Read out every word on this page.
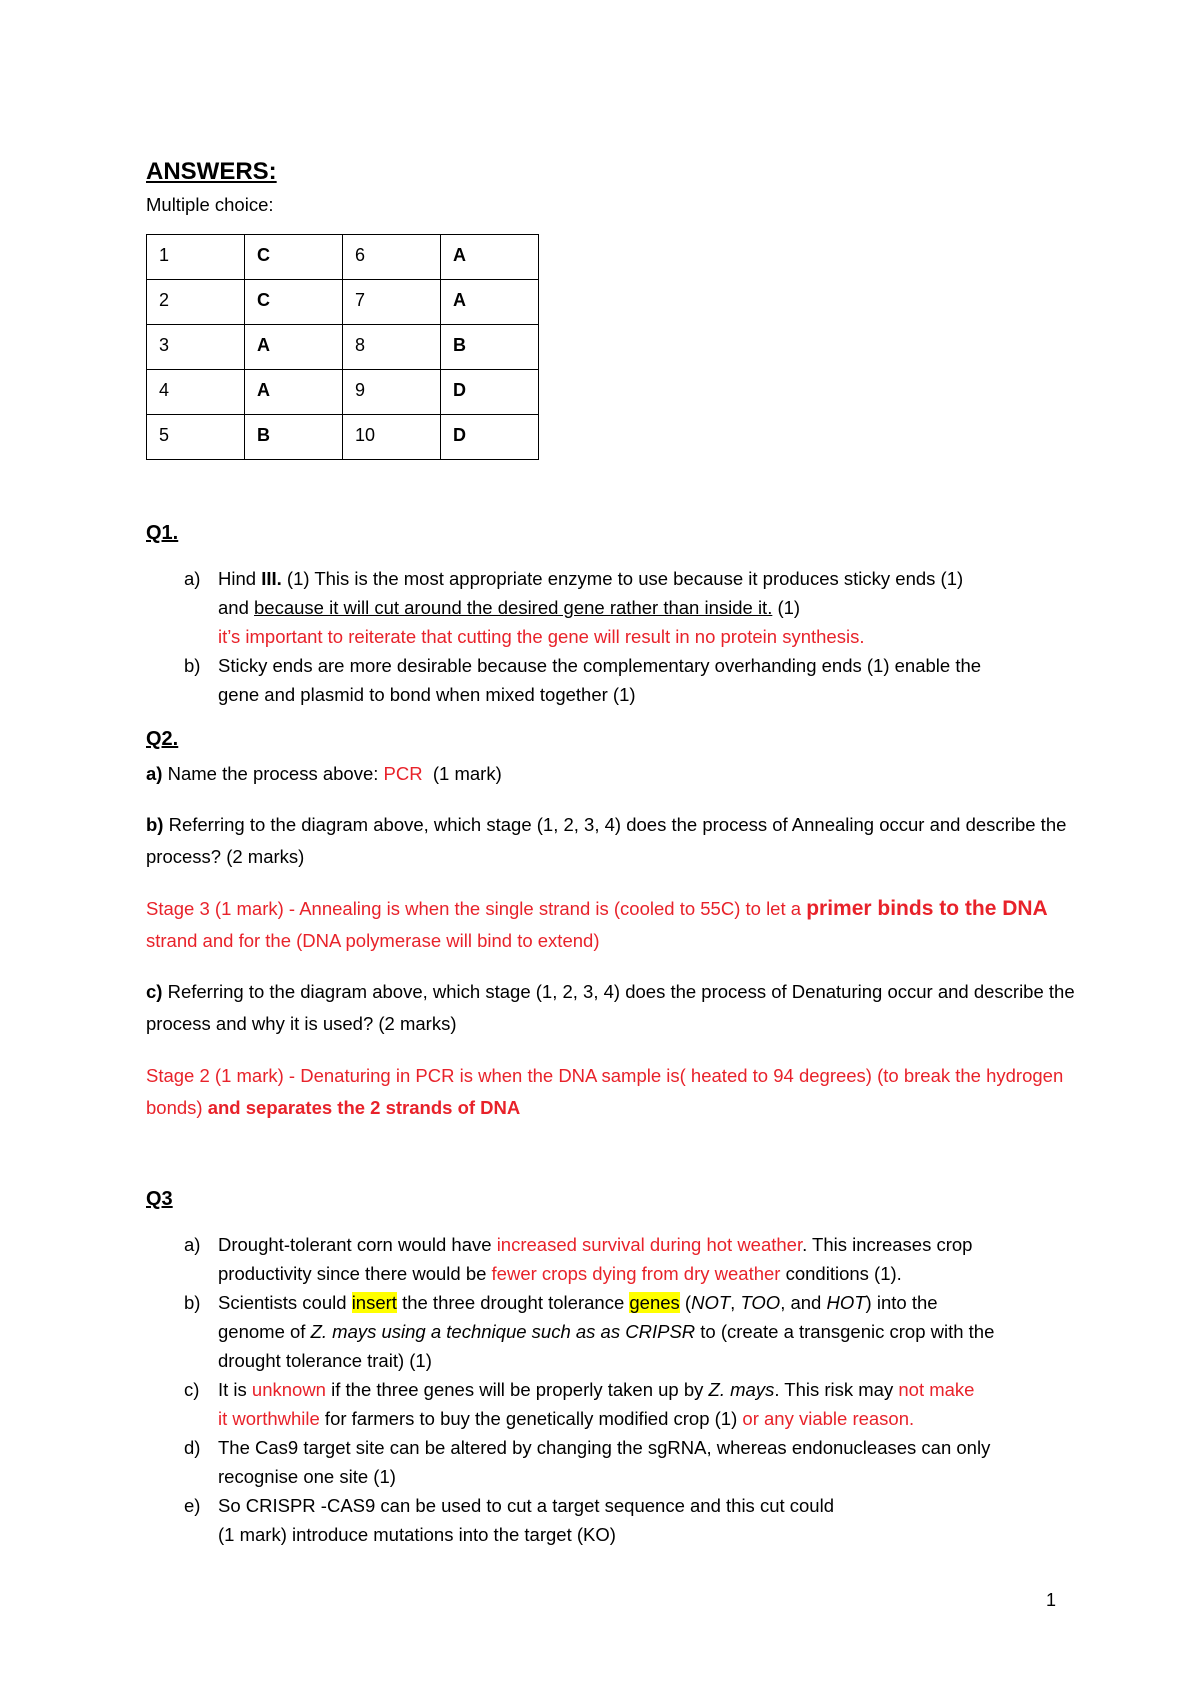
ANSWERS:
Multiple choice:
1	C	6	A
2	C	7	A
3	A	8	B
4	A	9	D
5	B	10	D
Q1.
a) Hind III. (1) This is the most appropriate enzyme to use because it produces sticky ends (1)
and because it will cut around the desired gene rather than inside it. (1)
it’s important to reiterate that cutting the gene will result in no protein synthesis.
b) Sticky ends are more desirable because the complementary overhanding ends (1) enable the
gene and plasmid to bond when mixed together (1)
Q2.
a) Name the process above: PCR  (1 mark)
b) Referring to the diagram above, which stage (1, 2, 3, 4) does the process of Annealing occur and describe the process? (2 marks)
Stage 3 (1 mark) - Annealing is when the single strand is (cooled to 55C) to let a primer binds to the DNA strand and for the (DNA polymerase will bind to extend)
c) Referring to the diagram above, which stage (1, 2, 3, 4) does the process of Denaturing occur and describe the process and why it is used? (2 marks)
Stage 2 (1 mark) - Denaturing in PCR is when the DNA sample is( heated to 94 degrees) (to break the hydrogen bonds) and separates the 2 strands of DNA
Q3
a) Drought-tolerant corn would have increased survival during hot weather. This increases crop
productivity since there would be fewer crops dying from dry weather conditions (1).
b) Scientists could insert the three drought tolerance genes (NOT, TOO, and HOT) into the
genome of Z. mays using a technique such as as CRIPSR to (create a transgenic crop with the
drought tolerance trait) (1)
c) It is unknown if the three genes will be properly taken up by Z. mays. This risk may not make
it worthwhile for farmers to buy the genetically modified crop (1) or any viable reason.
d) The Cas9 target site can be altered by changing the sgRNA, whereas endonucleases can only
recognise one site (1)
e) So CRISPR -CAS9 can be used to cut a target sequence and this cut could
(1 mark) introduce mutations into the target (KO)
1
